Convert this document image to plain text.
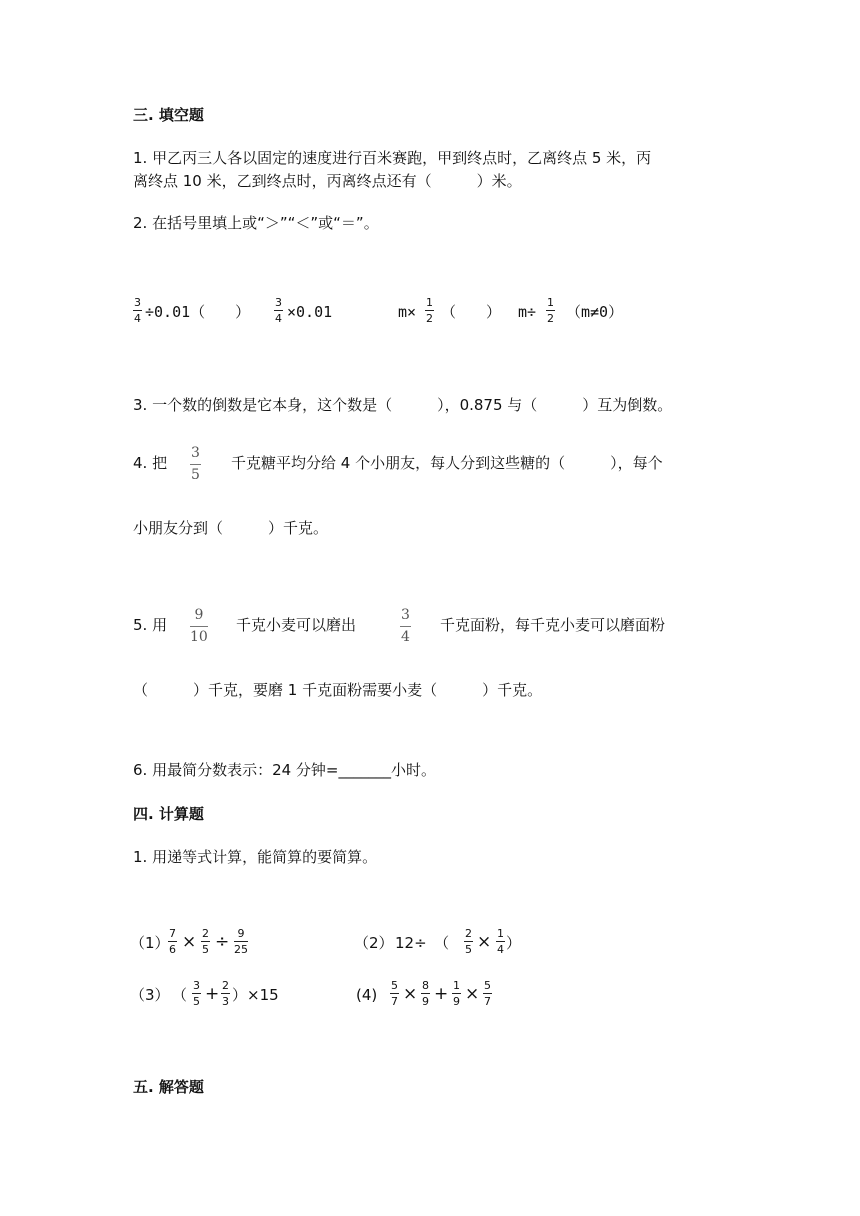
三. 填空题
1. 甲乙丙三人各以固定的速度进行百米赛跑，甲到终点时，乙离终点 5 米，丙
离终点 10 米，乙到终点时，丙离终点还有（　　　）米。
2. 在括号里填上或“＞”“＜”或“＝”。
3
4 ÷0.01（　　）
3
4 ×0.01	m×
1
2 （　　） m÷
1
2 （m≠0）
3. 一个数的倒数是它本身，这个数是（　　　），0.875 与（　　　）互为倒数。
4. 把
3
5
千克糖平均分给 4 个小朋友，每人分到这些糖的（　　　），每个
小朋友分到（　　　）千克。
5. 用
9
10
千克小麦可以磨出
3
4
千克面粉，每千克小麦可以磨面粉
（　　　）千克，要磨 1 千克面粉需要小麦（　　　）千克。
6. 用最简分数表示：24 分钟=_______小时。
四. 计算题
1. 用递等式计算，能简算的要简算。
（1）
7
6 × 2
5 ÷ 9
25	（2） 12÷　（
2
5 × 1
4 ）
（3） （
3
5 + 2
3 ）×15	(4)
5
7 × 8
9 + 1
9 × 5
7
五. 解答题
